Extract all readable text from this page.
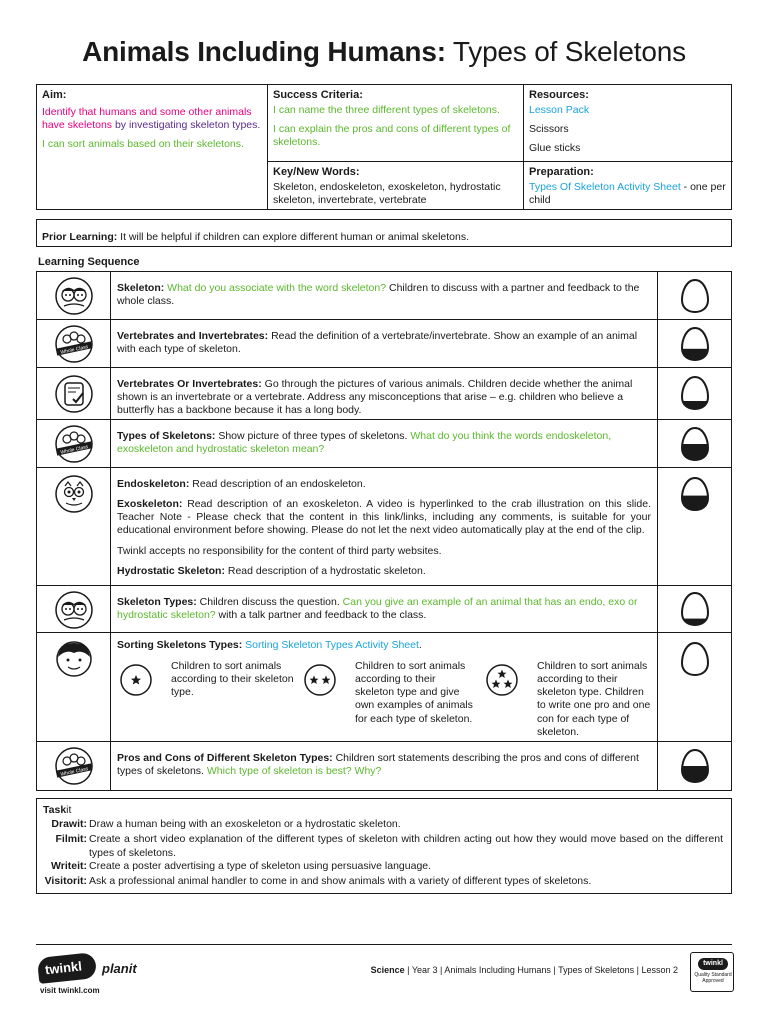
Animals Including Humans: Types of Skeletons
Aim:
Identify that humans and some other animals have skeletons by investigating skeleton types.
I can sort animals based on their skeletons.
Success Criteria:
I can name the three different types of skeletons.
I can explain the pros and cons of different types of skeletons.
Resources:
Lesson Pack
Scissors
Glue sticks
Key/New Words:
Skeleton, endoskeleton, exoskeleton, hydrostatic skeleton, invertebrate, vertebrate
Preparation:
Types Of Skeleton Activity Sheet - one per child
Prior Learning: It will be helpful if children can explore different human or animal skeletons.
Learning Sequence
Skeleton: What do you associate with the word skeleton? Children to discuss with a partner and feedback to the whole class.
Whole Class
Vertebrates and Invertebrates: Read the definition of a vertebrate/invertebrate. Show an example of an animal with each type of skeleton.
Vertebrates Or Invertebrates: Go through the pictures of various animals. Children decide whether the animal shown is an invertebrate or a vertebrate. Address any misconceptions that arise – e.g. children who believe a butterfly has a backbone because it has a long body.
Whole Class
Types of Skeletons: Show picture of three types of skeletons. What do you think the words endoskeleton, exoskeleton and hydrostatic skeleton mean?

Endoskeleton: Read description of an endoskeleton.

Exoskeleton: Read description of an exoskeleton. A video is hyperlinked to the crab illustration on this slide. Teacher Note - Please check that the content in this link/links, including any comments, is suitable for your educational environment before showing. Please do not let the next video automatically play at the end of the clip.

Twinkl accepts no responsibility for the content of third party websites.

Hydrostatic Skeleton: Read description of a hydrostatic skeleton.

Skeleton Types: Children discuss the question. Can you give an example of an animal that has an endo, exo or hydrostatic skeleton? with a talk partner and feedback to the class.
Sorting Skeletons Types: Sorting Skeleton Types Activity Sheet.
Children to sort animals according to their skeleton type.
Children to sort animals according to their skeleton type and give own examples of animals for each type of skeleton.
Children to sort animals according to their skeleton type. Children to write one pro and one con for each type of skeleton.
Whole Class
Pros and Cons of Different Skeleton Types: Children sort statements describing the pros and cons of different types of skeletons. Which type of skeleton is best? Why?
Taskit
Drawit: Draw a human being with an exoskeleton or a hydrostatic skeleton.
Filmit: Create a short video explanation of the different types of skeleton with children acting out how they would move based on the different types of skeletons.
Writeit: Create a poster advertising a type of skeleton using persuasive language.
Visitorit: Ask a professional animal handler to come in and show animals with a variety of different types of skeletons.
twinkl planit
visit twinkl.com
Science | Year 3 | Animals Including Humans | Types of Skeletons | Lesson 2
twinkl
Quality Standard Approved
